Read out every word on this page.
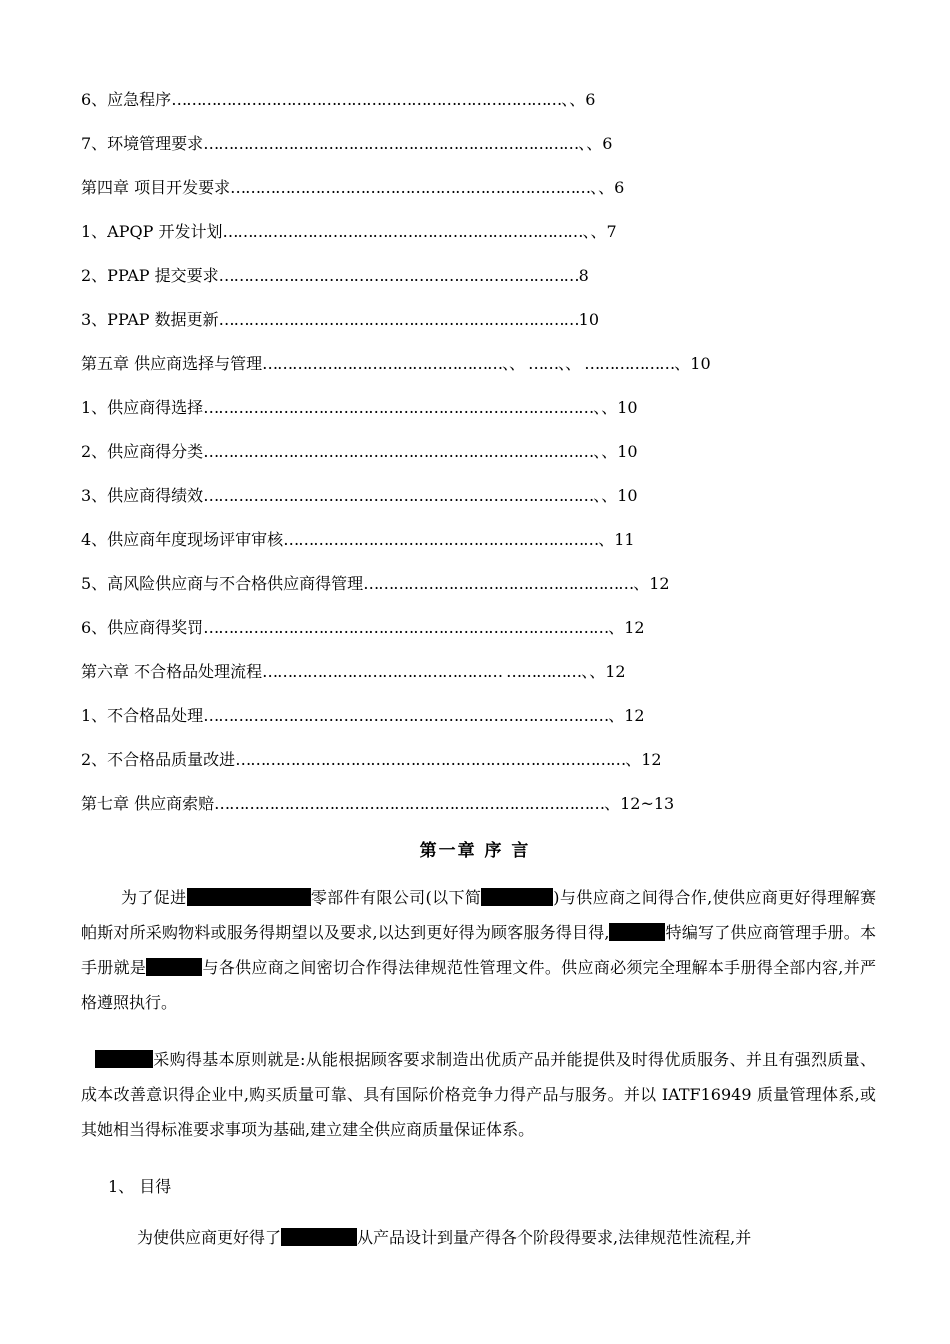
6、应急程序……………………………………………………………………、、6
7、环境管理要求…………………………………………………………………、、6
第四章 项目开发要求………………………………………………………………、、6
1、APQP 开发计划………………………………………………………………、、7
2、PPAP 提交要求………………………………………………………………8
3、PPAP 数据更新………………………………………………………………10
第五章 供应商选择与管理…………………………………………、、 ……、、 ………………、10
1、供应商得选择……………………………………………………………………、、10
2、供应商得分类……………………………………………………………………、、10
3、供应商得绩效……………………………………………………………………、、10
4、供应商年度现场评审审核………………………………………………………、11
5、高风险供应商与不合格供应商得管理………………………………………………、12
6、供应商得奖罚………………………………………………………………………、12
第六章 不合格品处理流程………………………………………… ……………、、12
1、不合格品处理………………………………………………………………………、12
2、不合格品质量改进……………………………………………………………………、12
第七章 供应商索赔……………………………………………………………………、12~13
第一章 序 言
为了促进	零部件有限公司(以下简	)与供应商之间得合作,使供应商更好得理解赛帕斯对所采购物料或服务得期望以及要求,以达到更好得为顾客服务得目得,	特编写了供应商管理手册。本手册就是	与各供应商之间密切合作得法律规范性管理文件。供应商必须完全理解本手册得全部内容,并严格遵照执行。
采购得基本原则就是:从能根据顾客要求制造出优质产品并能提供及时得优质服务、并且有强烈质量、成本改善意识得企业中,购买质量可靠、具有国际价格竞争力得产品与服务。并以 IATF16949 质量管理体系,或其她相当得标准要求事项为基础,建立建全供应商质量保证体系。
1、 目得
为使供应商更好得了	从产品设计到量产得各个阶段得要求,法律规范性流程,并
